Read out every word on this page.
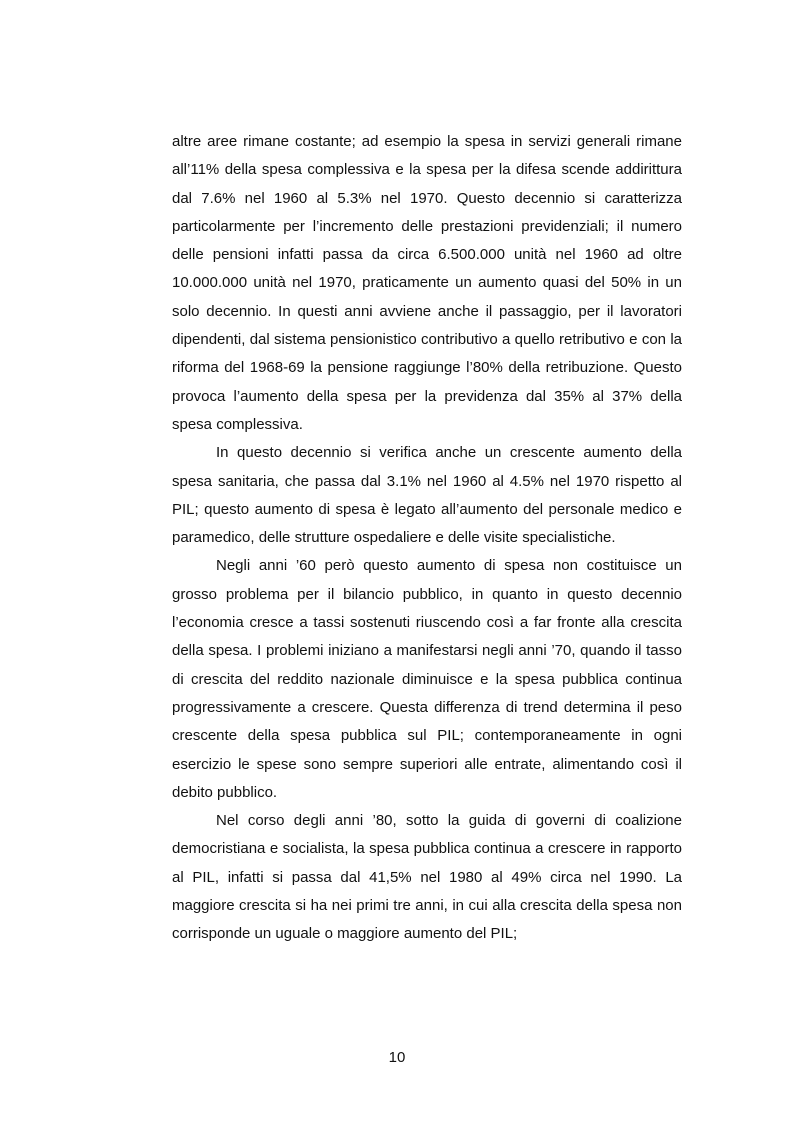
altre aree rimane costante; ad esempio la spesa in servizi generali rimane all’11% della spesa complessiva e la spesa per la difesa scende addirittura dal 7.6% nel 1960 al 5.3% nel 1970. Questo decennio si caratterizza particolarmente per l’incremento delle prestazioni previdenziali; il numero delle pensioni infatti passa da circa 6.500.000 unità nel 1960 ad oltre 10.000.000 unità nel 1970, praticamente un aumento quasi del 50% in un solo decennio. In questi anni avviene anche il passaggio, per il lavoratori dipendenti, dal sistema pensionistico contributivo a quello retributivo e con la riforma del 1968-69 la pensione raggiunge l’80% della retribuzione. Questo provoca l’aumento della spesa per la previdenza dal 35% al 37% della spesa complessiva.

In questo decennio si verifica anche un crescente aumento della spesa sanitaria, che passa dal 3.1% nel 1960 al 4.5% nel 1970 rispetto al PIL; questo aumento di spesa è legato all’aumento del personale medico e paramedico, delle strutture ospedaliere e delle visite specialistiche.

Negli anni ’60 però questo aumento di spesa non costituisce un grosso problema per il bilancio pubblico, in quanto in questo decennio l’economia cresce a tassi sostenuti riuscendo così a far fronte alla crescita della spesa. I problemi iniziano a manifestarsi negli anni ’70, quando il tasso di crescita del reddito nazionale diminuisce e la spesa pubblica continua progressivamente a crescere. Questa differenza di trend determina il peso crescente della spesa pubblica sul PIL; contemporaneamente in ogni esercizio le spese sono sempre superiori alle entrate, alimentando così il debito pubblico.

Nel corso degli anni ’80, sotto la guida di governi di coalizione democristiana e socialista, la spesa pubblica continua a crescere in rapporto al PIL, infatti si passa dal 41,5% nel 1980 al 49% circa nel 1990. La maggiore crescita si ha nei primi tre anni, in cui alla crescita della spesa non corrisponde un uguale o maggiore aumento del PIL;

10
